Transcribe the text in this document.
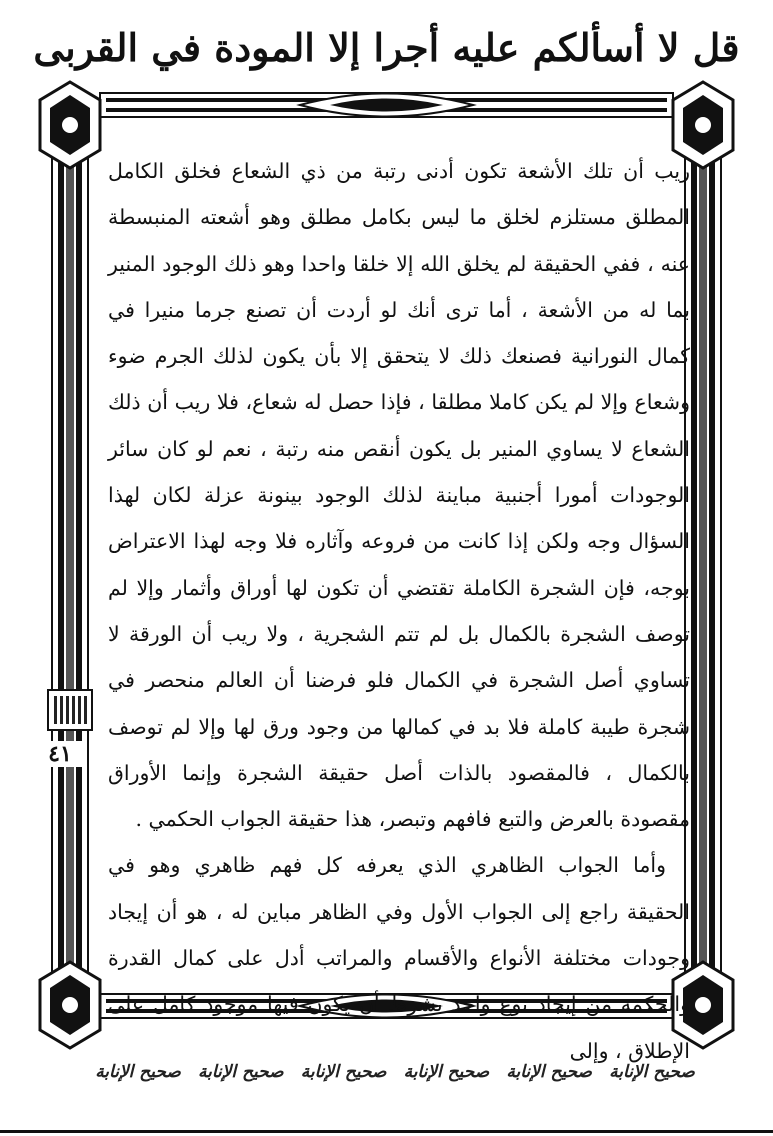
قل لا أسألكم عليه أجرا إلا المودة في القربى
٤١

ريب أن تلك الأشعة تكون أدنى رتبة من ذي الشعاع فخلق الكامل المطلق مستلزم لخلق ما ليس بكامل مطلق وهو أشعته المنبسطة عنه ، ففي الحقيقة لم يخلق الله إلا خلقا واحدا وهو ذلك الوجود المنير بما له من الأشعة ، أما ترى أنك لو أردت أن تصنع جرما منيرا في كمال النورانية فصنعك ذلك لا يتحقق إلا بأن يكون لذلك الجرم ضوء وشعاع وإلا لم يكن كاملا مطلقا ، فإذا حصل له شعاع، فلا ريب أن ذلك الشعاع لا يساوي المنير بل يكون أنقص منه رتبة ، نعم لو كان سائر الوجودات أمورا أجنبية مباينة لذلك الوجود بينونة عزلة لكان لهذا السؤال وجه ولكن إذا كانت من فروعه وآثاره فلا وجه لهذا الاعتراض بوجه، فإن الشجرة الكاملة تقتضي أن تكون لها أوراق وأثمار وإلا لم توصف الشجرة بالكمال بل لم تتم الشجرية ، ولا ريب أن الورقة لا تساوي أصل الشجرة في الكمال فلو فرضنا أن العالم منحصر في شجرة طيبة كاملة فلا بد في كمالها من وجود ورق لها وإلا لم توصف بالكمال ، فالمقصود بالذات أصل حقيقة الشجرة وإنما الأوراق مقصودة بالعرض والتبع فافهم وتبصر، هذا حقيقة الجواب الحكمي .

وأما الجواب الظاهري الذي يعرفه كل فهم ظاهري وهو في الحقيقة راجع إلى الجواب الأول وفي الظاهر مباين له ، هو أن إيجاد وجودات مختلفة الأنواع والأقسام والمراتب أدل على كمال القدرة والحكمة من إيجاد نوع واحد بشرط أن يكون فيها موجود كامل على الإطلاق ، وإلى

صحيح الإنابة
صحيح الإنابة
صحيح الإنابة
صحيح الإنابة
صحيح الإنابة
صحيح الإنابة
